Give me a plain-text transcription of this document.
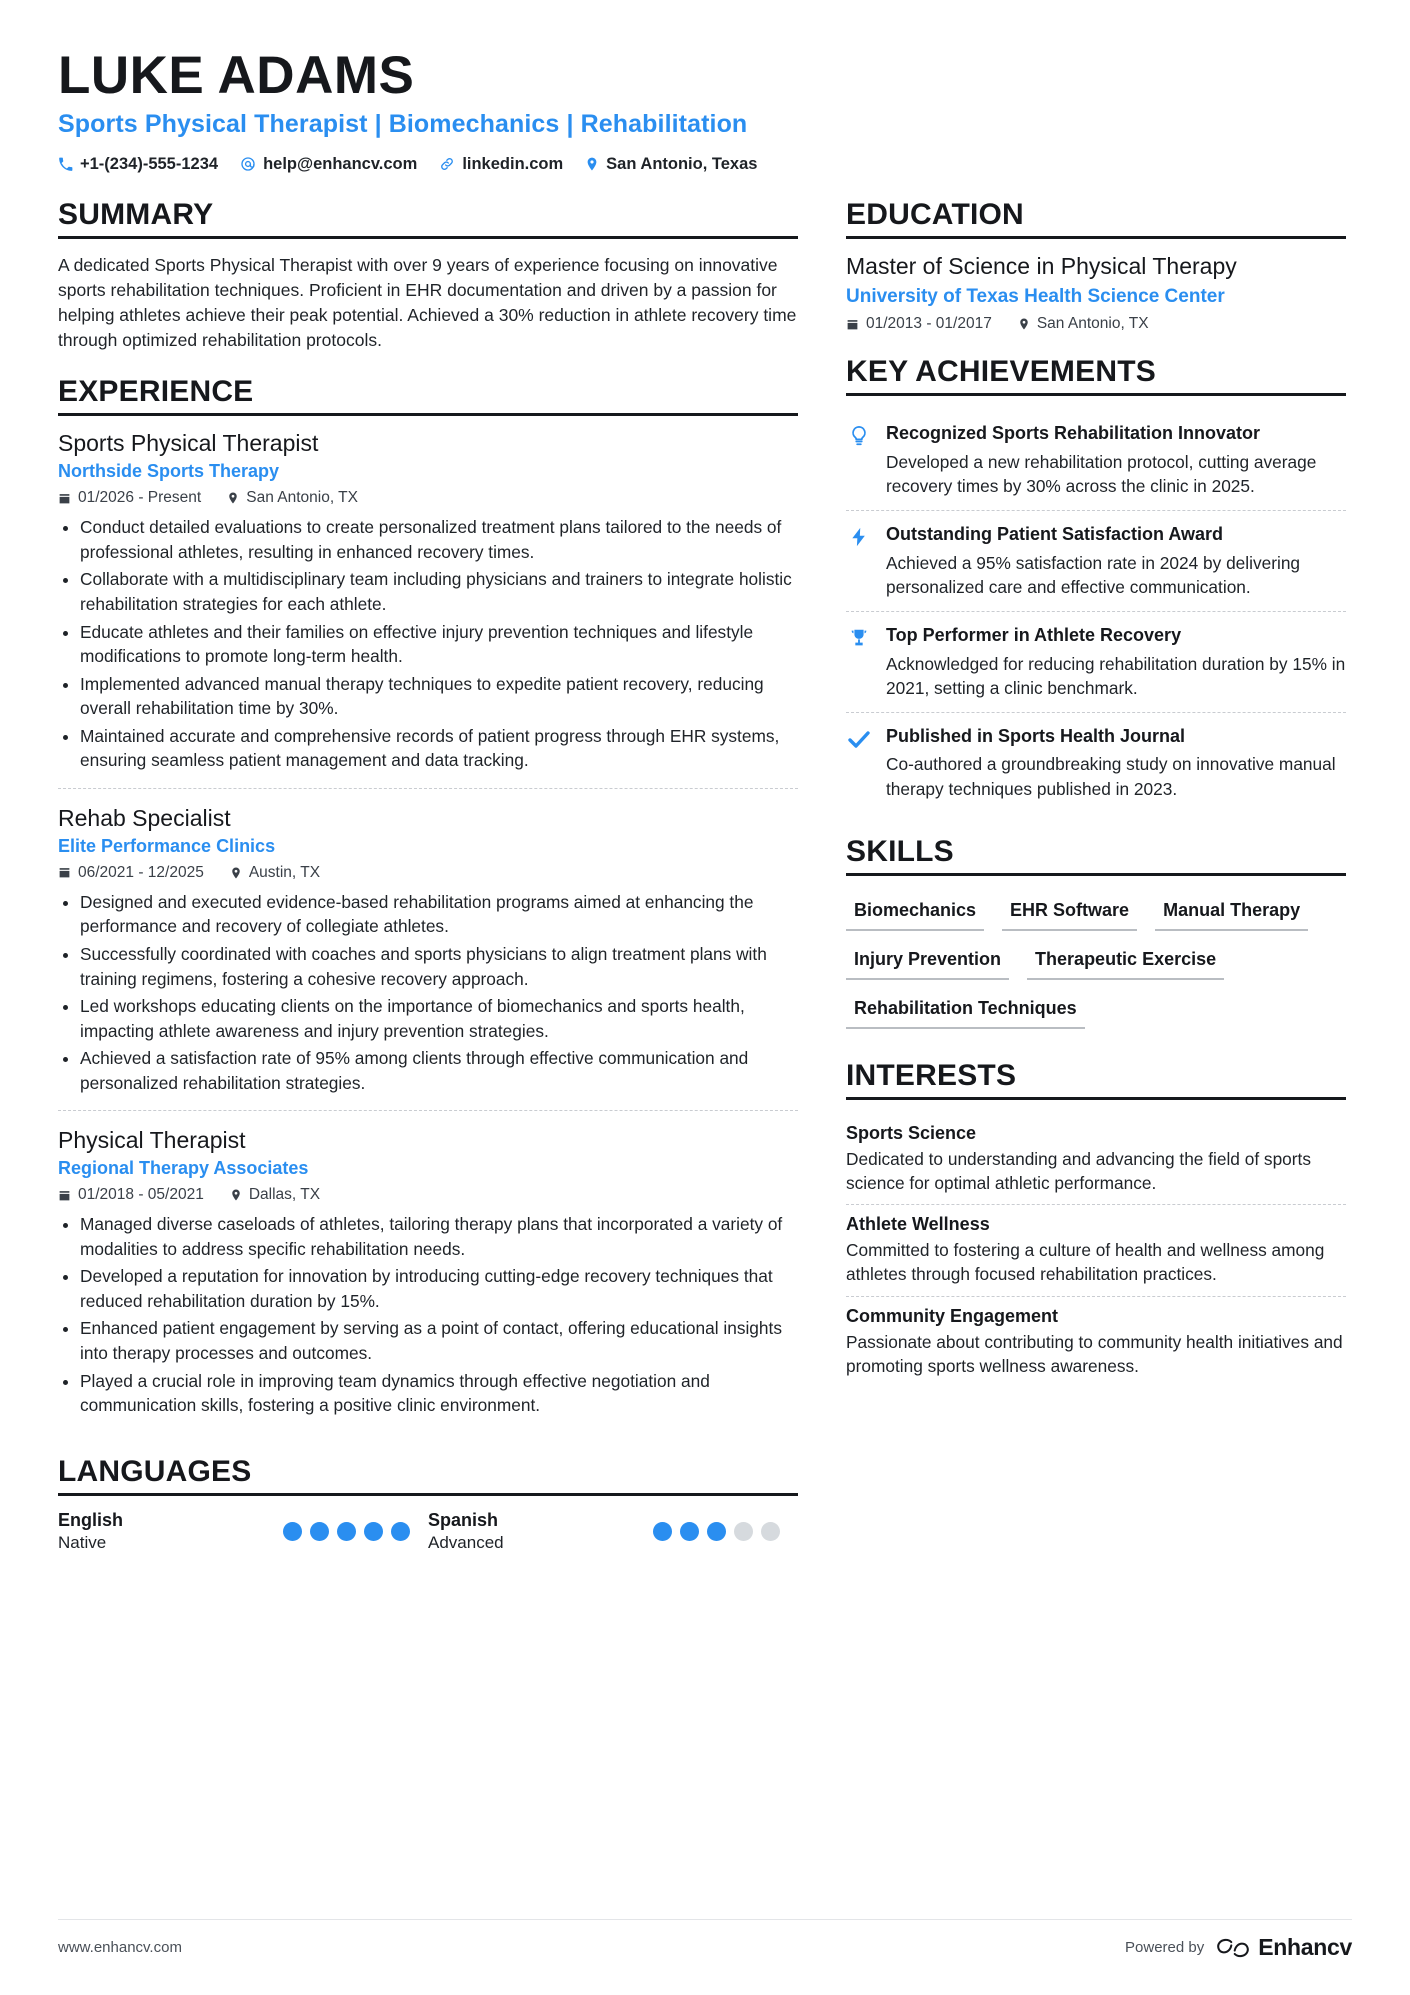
LUKE ADAMS
Sports Physical Therapist | Biomechanics | Rehabilitation
+1-(234)-555-1234	help@enhancv.com	linkedin.com	San Antonio, Texas
SUMMARY
A dedicated Sports Physical Therapist with over 9 years of experience focusing on innovative sports rehabilitation techniques. Proficient in EHR documentation and driven by a passion for helping athletes achieve their peak potential. Achieved a 30% reduction in athlete recovery time through optimized rehabilitation protocols.
EXPERIENCE
Sports Physical Therapist
Northside Sports Therapy
01/2026 - Present	San Antonio, TX
• Conduct detailed evaluations to create personalized treatment plans tailored to the needs of professional athletes, resulting in enhanced recovery times.
• Collaborate with a multidisciplinary team including physicians and trainers to integrate holistic rehabilitation strategies for each athlete.
• Educate athletes and their families on effective injury prevention techniques and lifestyle modifications to promote long-term health.
• Implemented advanced manual therapy techniques to expedite patient recovery, reducing overall rehabilitation time by 30%.
• Maintained accurate and comprehensive records of patient progress through EHR systems, ensuring seamless patient management and data tracking.
Rehab Specialist
Elite Performance Clinics
06/2021 - 12/2025	Austin, TX
• Designed and executed evidence-based rehabilitation programs aimed at enhancing the performance and recovery of collegiate athletes.
• Successfully coordinated with coaches and sports physicians to align treatment plans with training regimens, fostering a cohesive recovery approach.
• Led workshops educating clients on the importance of biomechanics and sports health, impacting athlete awareness and injury prevention strategies.
• Achieved a satisfaction rate of 95% among clients through effective communication and personalized rehabilitation strategies.
Physical Therapist
Regional Therapy Associates
01/2018 - 05/2021	Dallas, TX
• Managed diverse caseloads of athletes, tailoring therapy plans that incorporated a variety of modalities to address specific rehabilitation needs.
• Developed a reputation for innovation by introducing cutting-edge recovery techniques that reduced rehabilitation duration by 15%.
• Enhanced patient engagement by serving as a point of contact, offering educational insights into therapy processes and outcomes.
• Played a crucial role in improving team dynamics through effective negotiation and communication skills, fostering a positive clinic environment.
LANGUAGES
English
Native
Spanish
Advanced
EDUCATION
Master of Science in Physical Therapy
University of Texas Health Science Center
01/2013 - 01/2017	San Antonio, TX
KEY ACHIEVEMENTS
Recognized Sports Rehabilitation Innovator
Developed a new rehabilitation protocol, cutting average recovery times by 30% across the clinic in 2025.
Outstanding Patient Satisfaction Award
Achieved a 95% satisfaction rate in 2024 by delivering personalized care and effective communication.
Top Performer in Athlete Recovery
Acknowledged for reducing rehabilitation duration by 15% in 2021, setting a clinic benchmark.
Published in Sports Health Journal
Co-authored a groundbreaking study on innovative manual therapy techniques published in 2023.
SKILLS
Biomechanics	EHR Software	Manual Therapy
Injury Prevention	Therapeutic Exercise
Rehabilitation Techniques
INTERESTS
Sports Science
Dedicated to understanding and advancing the field of sports science for optimal athletic performance.
Athlete Wellness
Committed to fostering a culture of health and wellness among athletes through focused rehabilitation practices.
Community Engagement
Passionate about contributing to community health initiatives and promoting sports wellness awareness.
www.enhancv.com	Powered by Enhancv
